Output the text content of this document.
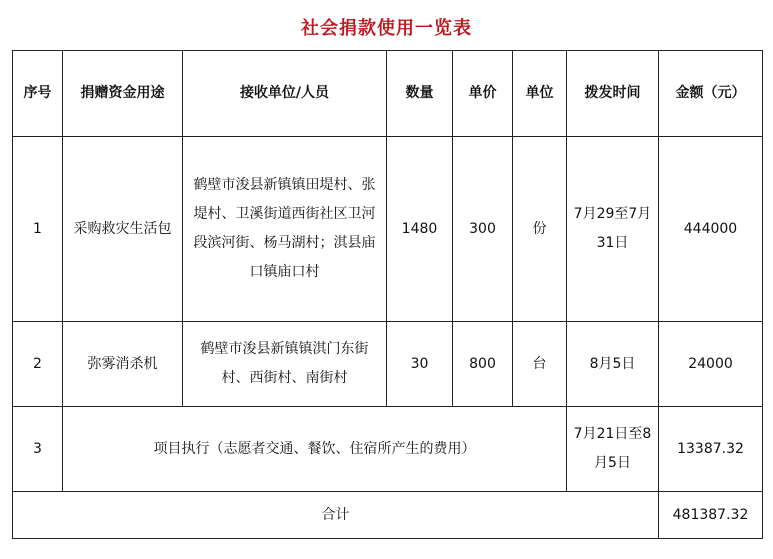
社会捐款使用一览表
序号	捐赠资金用途	接收单位/人员	数量	单价	单位	拨发时间	金额（元）
1	采购救灾生活包	鹤壁市浚县新镇镇田堤村、张堤村、卫溪街道西街社区卫河段滨河街、杨马湖村；淇县庙口镇庙口村	1480	300	份	7月29至7月31日	444000
2	弥雾消杀机	鹤壁市浚县新镇镇淇门东街村、西街村、南街村	30	800	台	8月5日	24000
3	项目执行（志愿者交通、餐饮、住宿所产生的费用）					7月21日至8月5日	13387.32
合计							481387.32
